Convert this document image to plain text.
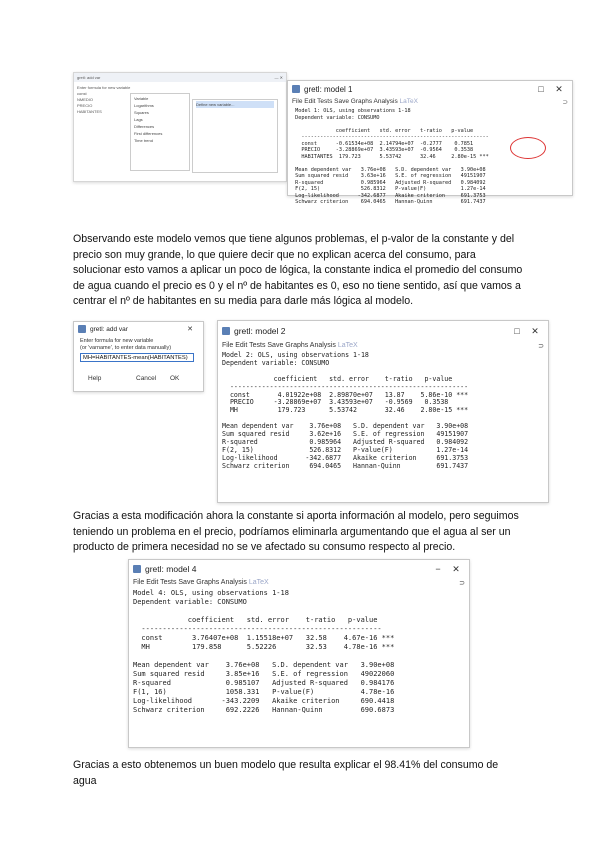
gretl: add var	— ✕
Enter formula for new variable
const
NMEDIO
PRECIO
HABITANTES
Variable
Logarithms
Squares
Lags
Differences
First differences
Time trend
Define new variable...
gretl: model 1	□	✕
File Edit Tests Save Graphs Analysis LaTeX	⊃
Model 1: OLS, using observations 1-18
Dependent variable: CONSUMO

coefficient   std. error   t-ratio   p-value
------------------------------------------------------------
const      -0.61534e+08  2.14794e+07  -0.2777    0.7851
PRECIO     -3.28869e+07  3.43593e+07  -0.9564    0.3538
HABITANTES  179.723      5.53742      32.46     2.80e-15 ***

Mean dependent var   3.76e+08   S.D. dependent var   3.90e+08
Sum squared resid    3.63e+16   S.E. of regression   49151907
R-squared            0.985964   Adjusted R-squared   0.984092
F(2, 15)             526.8312   P-value(F)           1.27e-14
Log-likelihood      -342.6877   Akaike criterion     691.3753
Schwarz criterion    694.0465   Hannan-Quinn         691.7437

Observando este modelo vemos que tiene algunos problemas, el p-valor de la constante y del precio son muy grande, lo que quiere decir que no explican acerca del consumo, para solucionar esto vamos a aplicar un poco de lógica, la constante indica el promedio del consumo de agua cuando el precio es 0 y el nº de habitantes es 0, eso no tiene sentido, así que vamos a centrar el nº de habitantes en su media para darle más lógica al modelo.

gretl: add var	✕
Enter formula for new variable
(or 'varname', to enter data manually)
MH=HABITANTES-mean(HABITANTES)
Help	Cancel OK
gretl: model 2	□	✕
File Edit Tests Save Graphs Analysis LaTeX	⊃
Model 2: OLS, using observations 1-18
Dependent variable: CONSUMO

coefficient   std. error    t-ratio   p-value
------------------------------------------------------------
const       4.01922e+08  2.89870e+07   13.87    5.86e-10 ***
PRECIO     -3.28869e+07  3.43593e+07   -0.9569   0.3538
MH          179.723      5.53742       32.46    2.80e-15 ***

Mean dependent var    3.76e+08   S.D. dependent var   3.90e+08
Sum squared resid     3.62e+16   S.E. of regression   49151907
R-squared             0.985964   Adjusted R-squared   0.984092
F(2, 15)              526.8312   P-value(F)           1.27e-14
Log-likelihood       -342.6877   Akaike criterion     691.3753
Schwarz criterion     694.0465   Hannan-Quinn         691.7437

Gracias a esta modificación ahora la constante si aporta información al modelo, pero seguimos teniendo un problema en el precio, podríamos eliminarla argumentando que el agua al ser un producto de primera necesidad no se ve afectado su consumo respecto al precio.

gretl: model 4	−	✕
File Edit Tests Save Graphs Analysis LaTeX	⊃
Model 4: OLS, using observations 1-18
Dependent variable: CONSUMO

coefficient   std. error    t-ratio   p-value
---------------------------------------------------------
const       3.76407e+08  1.15518e+07   32.58    4.67e-16 ***
MH          179.858      5.52226       32.53    4.78e-16 ***

Mean dependent var    3.76e+08   S.D. dependent var   3.90e+08
Sum squared resid     3.85e+16   S.E. of regression   49022060
R-squared             0.985107   Adjusted R-squared   0.984176
F(1, 16)              1058.331   P-value(F)           4.78e-16
Log-likelihood       -343.2209   Akaike criterion     690.4418
Schwarz criterion     692.2226   Hannan-Quinn         690.6873

Gracias a esto obtenemos un buen modelo que resulta explicar el 98.41% del consumo de agua
